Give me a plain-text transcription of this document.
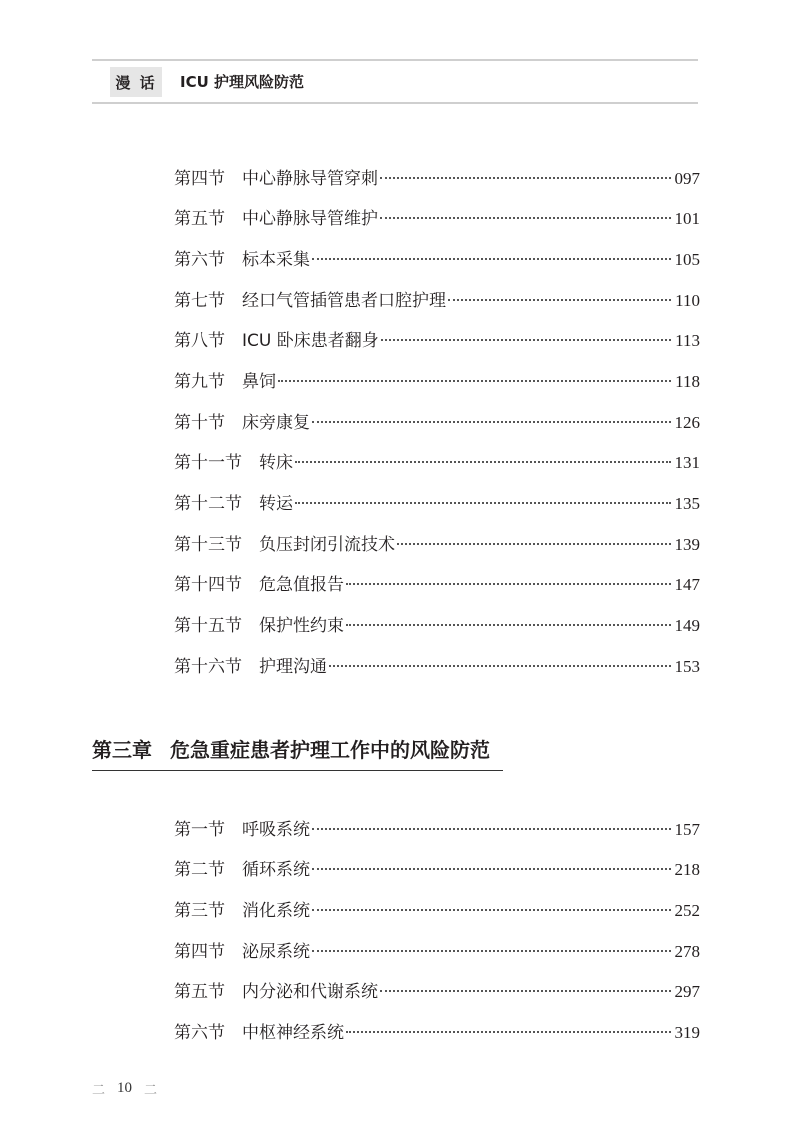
漫 话	ICU 护理风险防范
第四节 中心静脉导管穿刺	097
第五节 中心静脉导管维护	101
第六节 标本采集	105
第七节 经口气管插管患者口腔护理	110
第八节 ICU 卧床患者翻身	113
第九节 鼻饲	118
第十节 床旁康复	126
第十一节 转床	131
第十二节 转运	135
第十三节 负压封闭引流技术	139
第十四节 危急值报告	147
第十五节 保护性约束	149
第十六节 护理沟通	153
第三章 危急重症患者护理工作中的风险防范
第一节 呼吸系统	157
第二节 循环系统	218
第三节 消化系统	252
第四节 泌尿系统	278
第五节 内分泌和代谢系统	297
第六节 中枢神经系统	319
二 10 二
